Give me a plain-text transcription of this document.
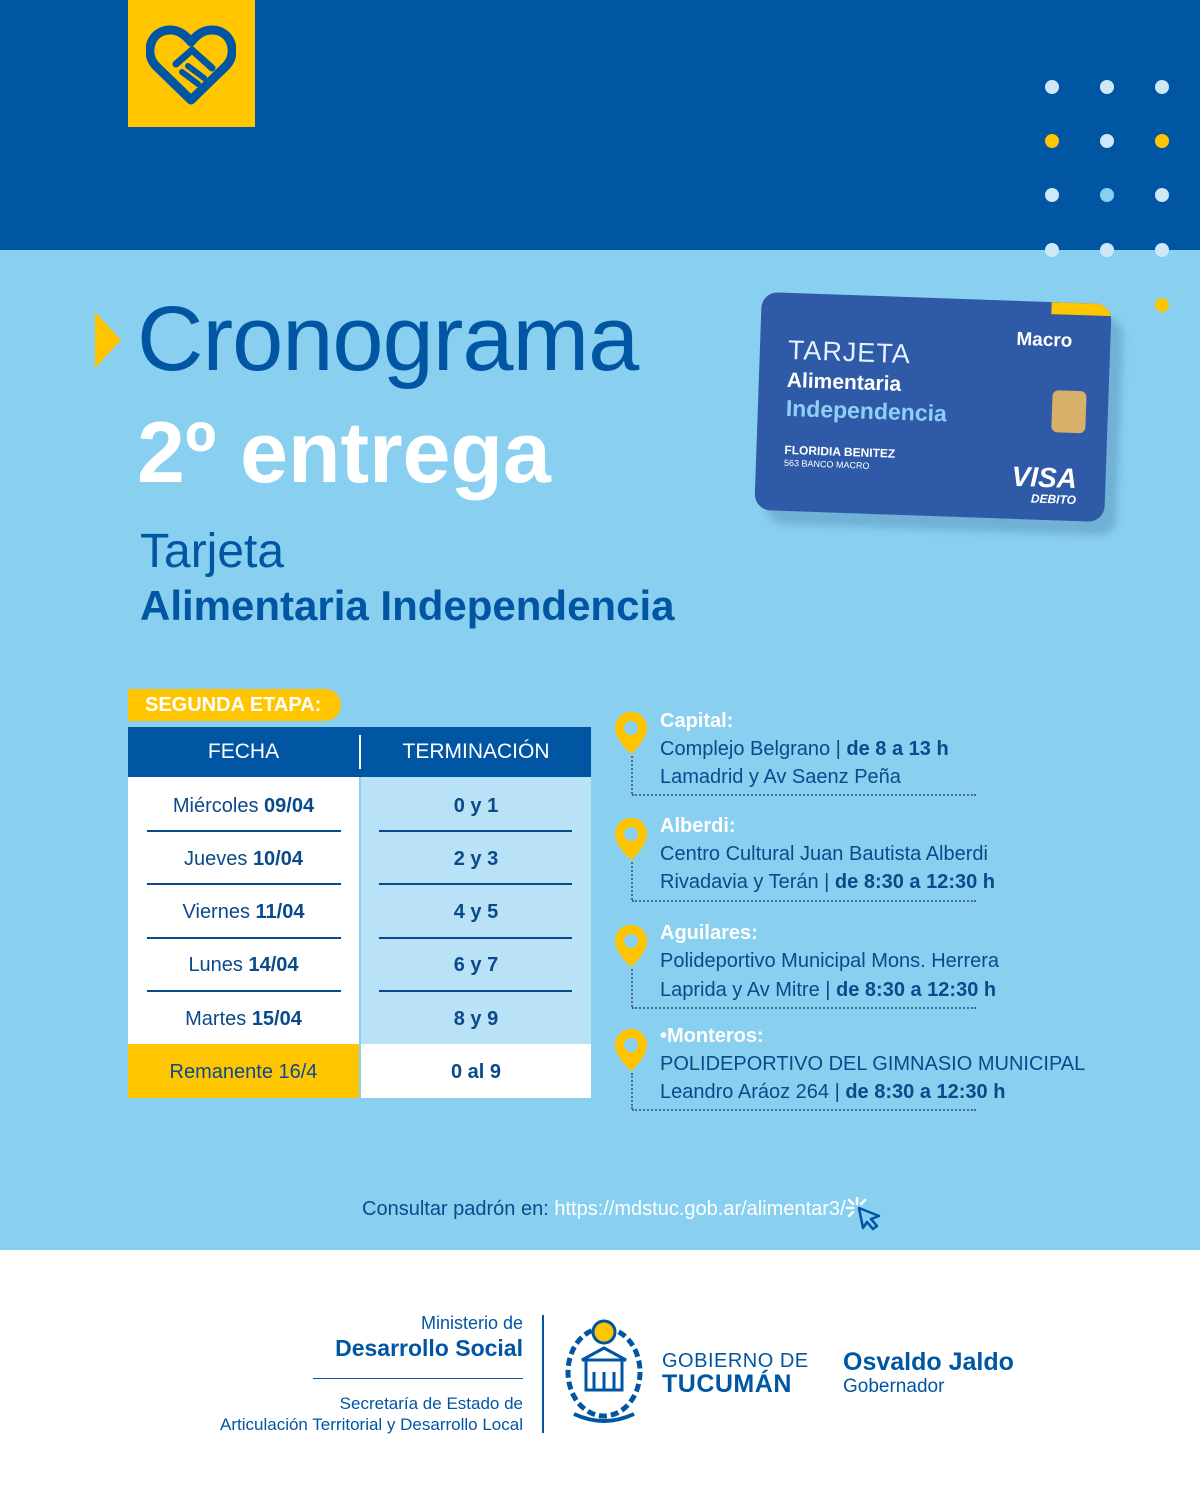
Cronograma
2º entrega
Tarjeta
Alimentaria Independencia
TARJETA
Alimentaria
Independencia
FLORIDIA BENITEZ
563 BANCO MACRO
Macro
VISA
DEBITO
SEGUNDA ETAPA:
FECHA	TERMINACIÓN
Miércoles 09/04	0 y 1
Jueves 10/04	2 y 3
Viernes 11/04	4 y 5
Lunes 14/04	6 y 7
Martes 15/04	8 y 9
Remanente 16/4	0 al 9
Capital:
Complejo Belgrano | de 8 a 13 h
Lamadrid y Av Saenz Peña
Alberdi:
Centro Cultural Juan Bautista Alberdi
Rivadavia y Terán | de 8:30 a 12:30 h
Aguilares:
Polideportivo Municipal Mons. Herrera
Laprida y Av Mitre | de 8:30 a 12:30 h
•Monteros:
POLIDEPORTIVO DEL GIMNASIO MUNICIPAL
Leandro Aráoz 264 | de 8:30 a 12:30 h
Consultar padrón en: https://mdstuc.gob.ar/alimentar3/
Ministerio de
Desarrollo Social
Secretaría de Estado de
Articulación Territorial y Desarrollo Local
GOBIERNO DE
TUCUMÁN
Osvaldo Jaldo
Gobernador
